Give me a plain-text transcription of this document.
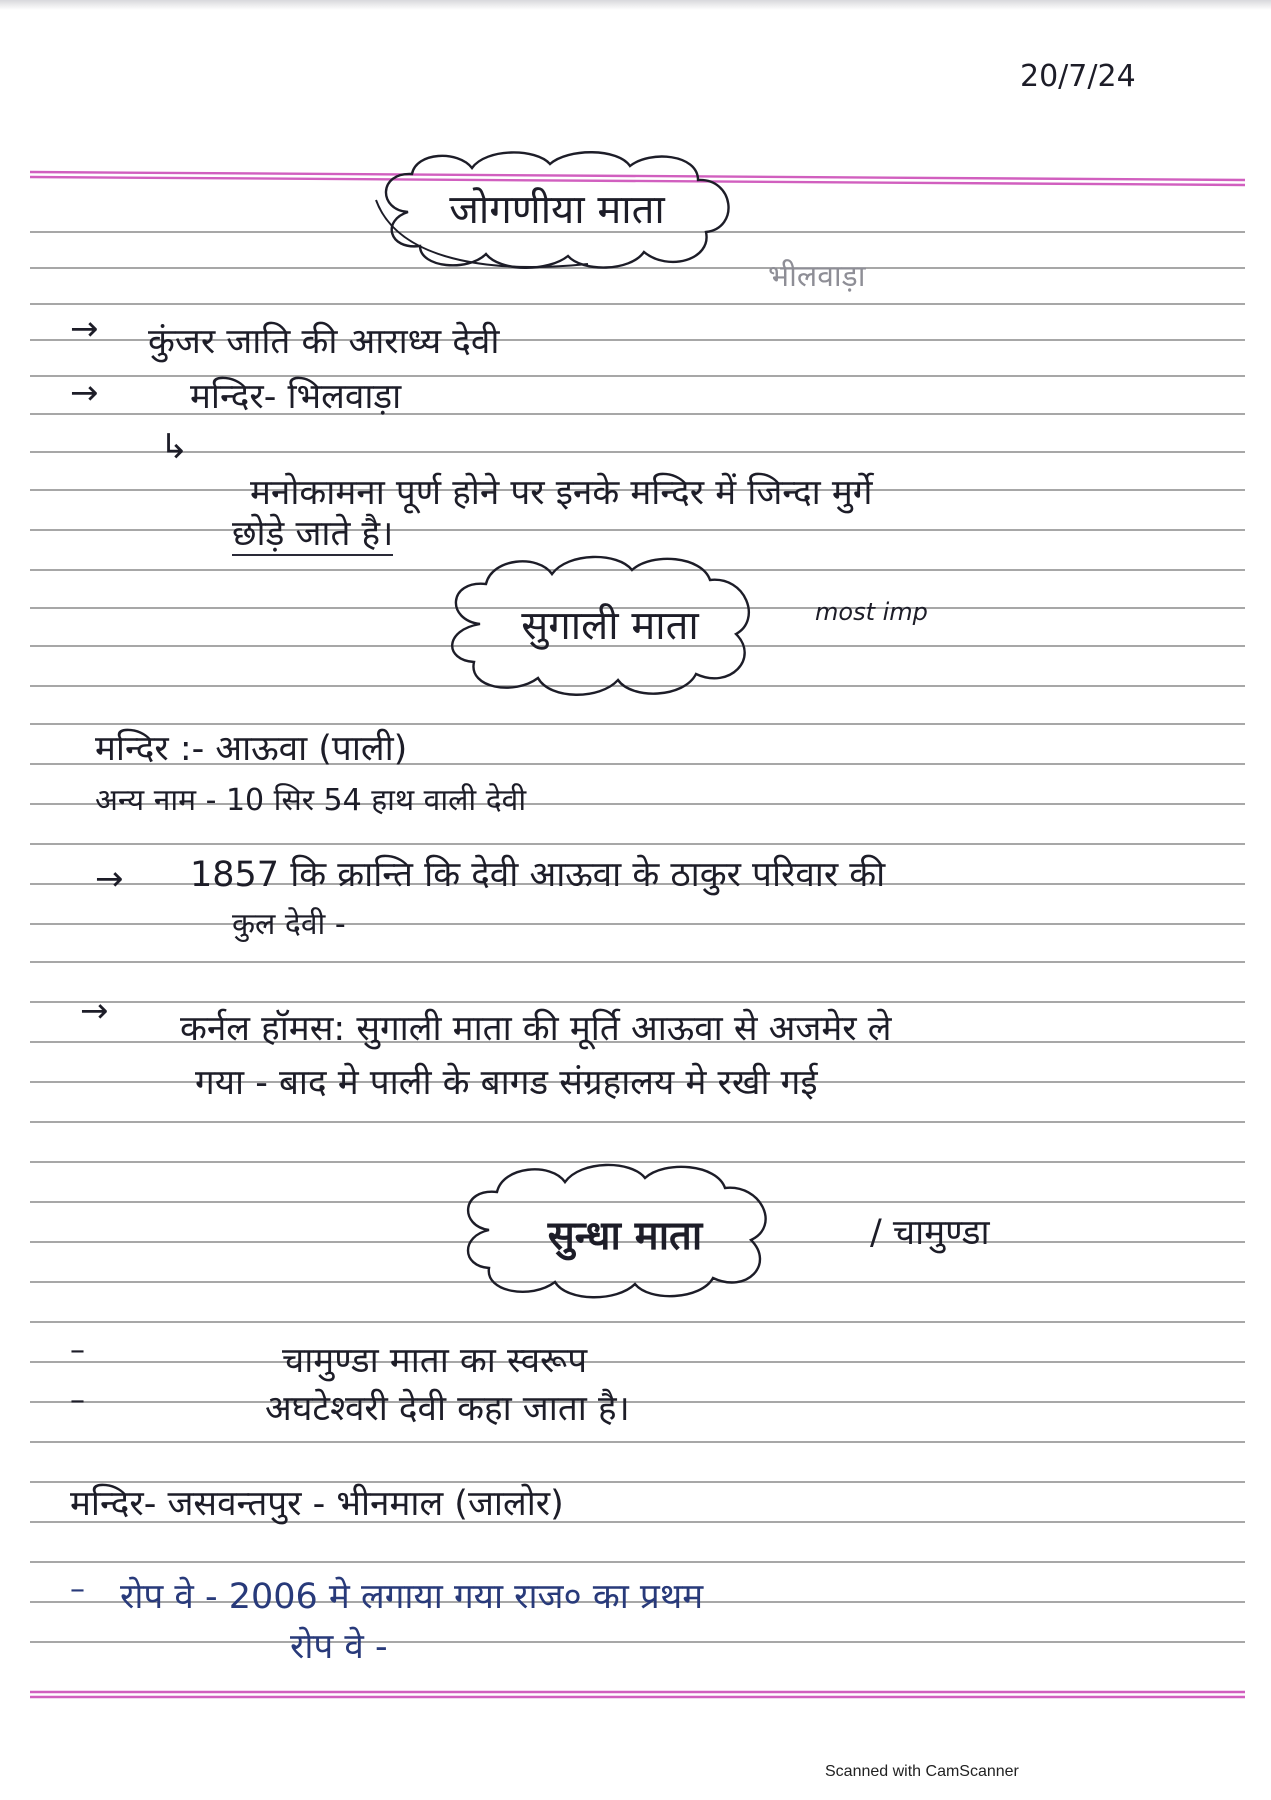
20/7/24
जोगणीया माता
भीलवाड़ा
→ कुंजर जाति की आराध्य देवी
→	मन्दिर- भिलवाड़ा
↳
मनोकामना पूर्ण होने पर इनके मन्दिर में जिन्दा मुर्गे
छोड़े जाते है।
सुगाली माता	most imp
मन्दिर :- आऊवा (पाली)
अन्य नाम - 10 सिर 54 हाथ वाली देवी
→ 1857 कि क्रान्ति कि देवी आऊवा के ठाकुर परिवार की
कुल देवी -
→ कर्नल हॉमस: सुगाली माता की मूर्ति आऊवा से अजमेर ले
गया - बाद मे पाली के बागड संग्रहालय मे रखी गई
सुन्धा माता	/ चामुण्डा
–	चामुण्डा माता का स्वरूप
–	अघटेश्वरी देवी कहा जाता है।
मन्दिर- जसवन्तपुर - भीनमाल (जालोर)
– रोप वे - 2006 मे लगाया गया राज० का प्रथम
रोप वे -
Scanned with CamScanner
